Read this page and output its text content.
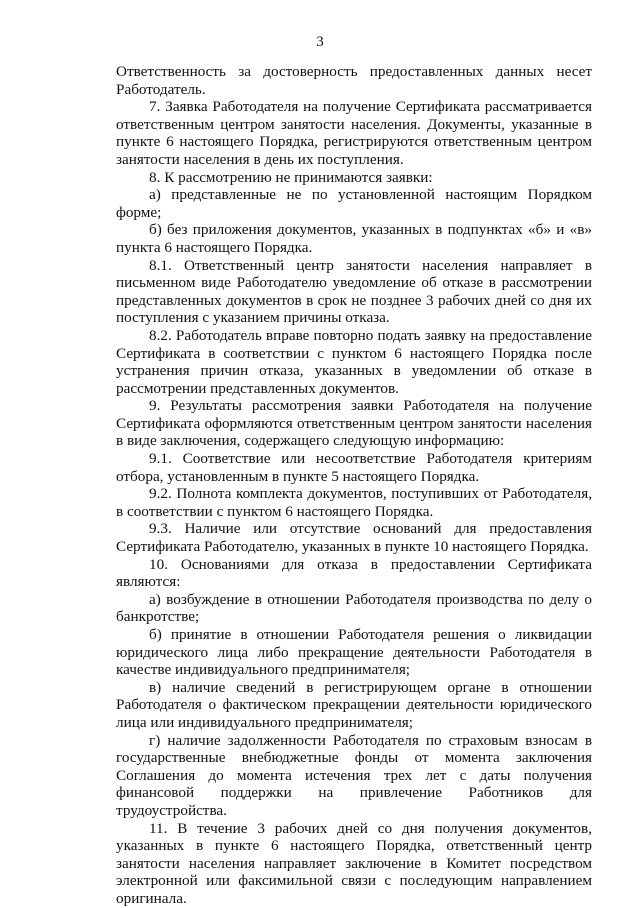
3

Ответственность за достоверность предоставленных данных несет Работодатель.

7. Заявка Работодателя на получение Сертификата рассматривается ответственным центром занятости населения. Документы, указанные в пункте 6 настоящего Порядка, регистрируются ответственным центром занятости населения в день их поступления.

8. К рассмотрению не принимаются заявки:

а) представленные не по установленной настоящим Порядком форме;

б) без приложения документов, указанных в подпунктах «б» и «в» пункта 6 настоящего Порядка.

8.1. Ответственный центр занятости населения направляет в письменном виде Работодателю уведомление об отказе в рассмотрении представленных документов в срок не позднее 3 рабочих дней со дня их поступления с указанием причины отказа.

8.2. Работодатель вправе повторно подать заявку на предоставление Сертификата в соответствии с пунктом 6 настоящего Порядка после устранения причин отказа, указанных в уведомлении об отказе в рассмотрении представленных документов.

9. Результаты рассмотрения заявки Работодателя на получение Сертификата оформляются ответственным центром занятости населения в виде заключения, содержащего следующую информацию:

9.1. Соответствие или несоответствие Работодателя критериям отбора, установленным в пункте 5 настоящего Порядка.

9.2. Полнота комплекта документов, поступивших от Работодателя, в соответствии с пунктом 6 настоящего Порядка.

9.3. Наличие или отсутствие оснований для предоставления Сертификата Работодателю, указанных в пункте 10 настоящего Порядка.

10. Основаниями для отказа в предоставлении Сертификата являются:

а) возбуждение в отношении Работодателя производства по делу о банкротстве;

б) принятие в отношении Работодателя решения о ликвидации юридического лица либо прекращение деятельности Работодателя в качестве индивидуального предпринимателя;

в) наличие сведений в регистрирующем органе в отношении Работодателя о фактическом прекращении деятельности юридического лица или индивидуального предпринимателя;

г) наличие задолженности Работодателя по страховым взносам в государственные внебюджетные фонды от момента заключения Соглашения до момента истечения трех лет с даты получения финансовой поддержки на привлечение Работников для трудоустройства.

11. В течение 3 рабочих дней со дня получения документов, указанных в пункте 6 настоящего Порядка, ответственный центр занятости населения направляет заключение в Комитет посредством электронной или факсимильной связи с последующим направлением оригинала.
